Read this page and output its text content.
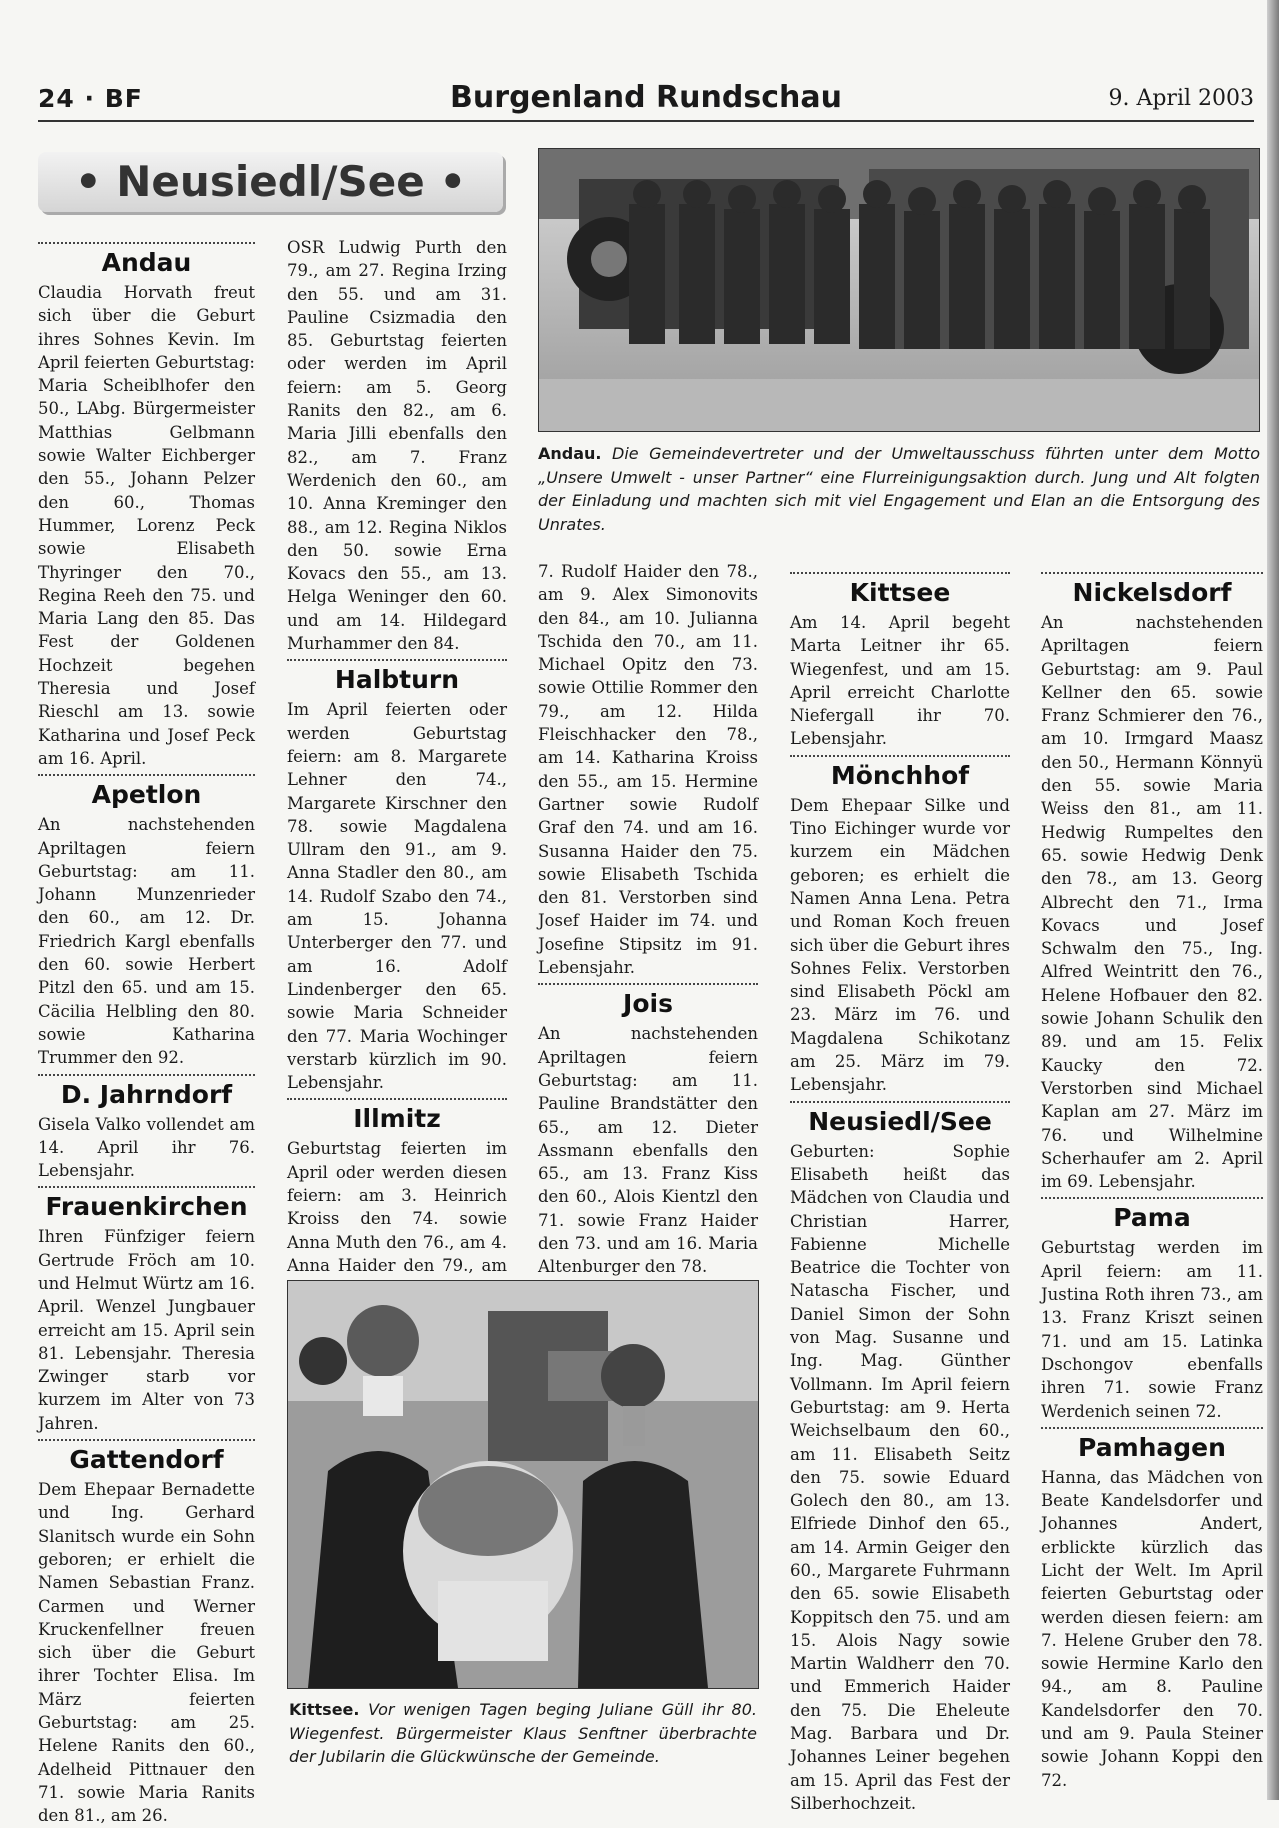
24 · BF	Burgenland Rundschau	9. April 2003
• Neusiedl/See •
Andau. Die Gemeindevertreter und der Umweltausschuss führten unter dem Motto „Unsere Umwelt - unser Partner“ eine Flurreinigungsaktion durch. Jung und Alt folgten der Einladung und machten sich mit viel Engagement und Elan an die Entsorgung des Unrates.
Andau

Claudia Horvath freut sich über die Geburt ihres Sohnes Kevin. Im April feierten Geburtstag: Maria Scheiblhofer den 50., LAbg. Bürgermeister Matthias Gelbmann sowie Walter Eichberger den 55., Johann Pelzer den 60., Thomas Hummer, Lorenz Peck sowie Elisabeth Thyringer den 70., Regina Reeh den 75. und Maria Lang den 85. Das Fest der Goldenen Hochzeit begehen Theresia und Josef Rieschl am 13. sowie Katharina und Josef Peck am 16. April.

Apetlon

An nachstehenden Apriltagen feiern Geburtstag: am 11. Johann Munzenrieder den 60., am 12. Dr. Friedrich Kargl ebenfalls den 60. sowie Herbert Pitzl den 65. und am 15. Cäcilia Helbling den 80. sowie Katharina Trummer den 92.

D. Jahrndorf

Gisela Valko vollendet am 14. April ihr 76. Lebensjahr.

Frauenkirchen

Ihren Fünfziger feiern Gertrude Fröch am 10. und Helmut Würtz am 16. April. Wenzel Jungbauer erreicht am 15. April sein 81. Lebensjahr. Theresia Zwinger starb vor kurzem im Alter von 73 Jahren.

Gattendorf

Dem Ehepaar Bernadette und Ing. Gerhard Slanitsch wurde ein Sohn geboren; er erhielt die Namen Sebastian Franz. Carmen und Werner Kruckenfellner freuen sich über die Geburt ihrer Tochter Elisa. Im März feierten Geburtstag: am 25. Helene Ranits den 60., Adelheid Pittnauer den 71. sowie Maria Ranits den 81., am 26.

OSR Ludwig Purth den 79., am 27. Regina Irzing den 55. und am 31. Pauline Csizmadia den 85. Geburtstag feierten oder werden im April feiern: am 5. Georg Ranits den 82., am 6. Maria Jilli ebenfalls den 82., am 7. Franz Werdenich den 60., am 10. Anna Kreminger den 88., am 12. Regina Niklos den 50. sowie Erna Kovacs den 55., am 13. Helga Weninger den 60. und am 14. Hildegard Murhammer den 84.

Halbturn

Im April feierten oder werden Geburtstag feiern: am 8. Margarete Lehner den 74., Margarete Kirschner den 78. sowie Magdalena Ullram den 91., am 9. Anna Stadler den 80., am 14. Rudolf Szabo den 74., am 15. Johanna Unterberger den 77. und am 16. Adolf Lindenberger den 65. sowie Maria Schneider den 77. Maria Wochinger verstarb kürzlich im 90. Lebensjahr.

Illmitz

Geburtstag feierten im April oder werden diesen feiern: am 3. Heinrich Kroiss den 74. sowie Anna Muth den 76., am 4. Anna Haider den 79., am

7. Rudolf Haider den 78., am 9. Alex Simonovits den 84., am 10. Julianna Tschida den 70., am 11. Michael Opitz den 73. sowie Ottilie Rommer den 79., am 12. Hilda Fleischhacker den 78., am 14. Katharina Kroiss den 55., am 15. Hermine Gartner sowie Rudolf Graf den 74. und am 16. Susanna Haider den 75. sowie Elisabeth Tschida den 81. Verstorben sind Josef Haider im 74. und Josefine Stipsitz im 91. Lebensjahr.

Jois

An nachstehenden Apriltagen feiern Geburtstag: am 11. Pauline Brandstätter den 65., am 12. Dieter Assmann ebenfalls den 65., am 13. Franz Kiss den 60., Alois Kientzl den 71. sowie Franz Haider den 73. und am 16. Maria Altenburger den 78.

Kittsee. Vor wenigen Tagen beging Juliane Güll ihr 80. Wiegenfest. Bürgermeister Klaus Senftner überbrachte der Jubilarin die Glückwünsche der Gemeinde.
Kittsee

Am 14. April begeht Marta Leitner ihr 65. Wiegenfest, und am 15. April erreicht Charlotte Niefergall ihr 70. Lebensjahr.

Mönchhof

Dem Ehepaar Silke und Tino Eichinger wurde vor kurzem ein Mädchen geboren; es erhielt die Namen Anna Lena. Petra und Roman Koch freuen sich über die Geburt ihres Sohnes Felix. Verstorben sind Elisabeth Pöckl am 23. März im 76. und Magdalena Schikotanz am 25. März im 79. Lebensjahr.

Neusiedl/See

Geburten: Sophie Elisabeth heißt das Mädchen von Claudia und Christian Harrer, Fabienne Michelle Beatrice die Tochter von Natascha Fischer, und Daniel Simon der Sohn von Mag. Susanne und Ing. Mag. Günther Vollmann. Im April feiern Geburtstag: am 9. Herta Weichselbaum den 60., am 11. Elisabeth Seitz den 75. sowie Eduard Golech den 80., am 13. Elfriede Dinhof den 65., am 14. Armin Geiger den 60., Margarete Fuhrmann den 65. sowie Elisabeth Koppitsch den 75. und am 15. Alois Nagy sowie Martin Waldherr den 70. und Emmerich Haider den 75. Die Eheleute Mag. Barbara und Dr. Johannes Leiner begehen am 15. April das Fest der Silberhochzeit.

Nickelsdorf

An nachstehenden Apriltagen feiern Geburtstag: am 9. Paul Kellner den 65. sowie Franz Schmierer den 76., am 10. Irmgard Maasz den 50., Hermann Könnyü den 55. sowie Maria Weiss den 81., am 11. Hedwig Rumpeltes den 65. sowie Hedwig Denk den 78., am 13. Georg Albrecht den 71., Irma Kovacs und Josef Schwalm den 75., Ing. Alfred Weintritt den 76., Helene Hofbauer den 82. sowie Johann Schulik den 89. und am 15. Felix Kaucky den 72. Verstorben sind Michael Kaplan am 27. März im 76. und Wilhelmine Scherhaufer am 2. April im 69. Lebensjahr.

Pama

Geburtstag werden im April feiern: am 11. Justina Roth ihren 73., am 13. Franz Kriszt seinen 71. und am 15. Latinka Dschongov ebenfalls ihren 71. sowie Franz Werdenich seinen 72.

Pamhagen

Hanna, das Mädchen von Beate Kandelsdorfer und Johannes Andert, erblickte kürzlich das Licht der Welt. Im April feierten Geburtstag oder werden diesen feiern: am 7. Helene Gruber den 78. sowie Hermine Karlo den 94., am 8. Pauline Kandelsdorfer den 70. und am 9. Paula Steiner sowie Johann Koppi den 72.
